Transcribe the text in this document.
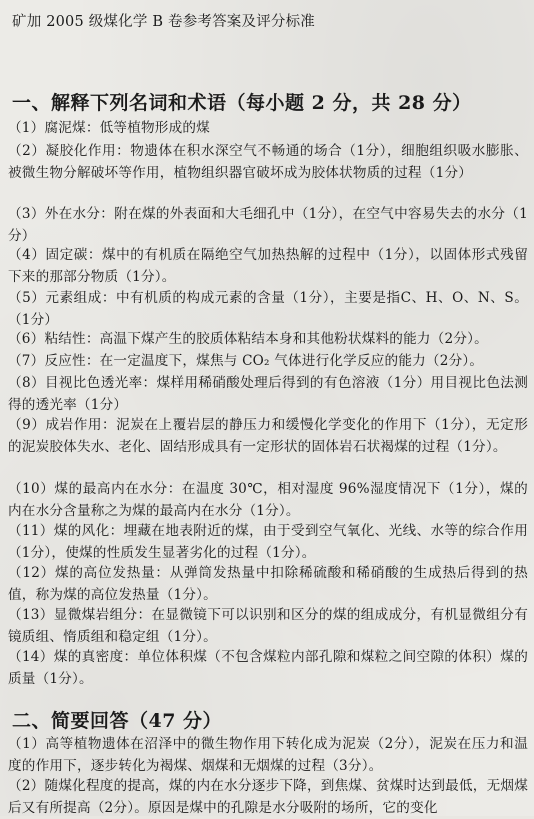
矿加 2005 级煤化学 B 卷参考答案及评分标准
一、解释下列名词和术语（每小题 2 分，共 28 分）
（1）腐泥煤：低等植物形成的煤
（2）凝胶化作用：物遗体在积水深空气不畅通的场合（1分），细胞组织吸水膨胀、被微生物分解破坏等作用，植物组织器官破坏成为胶体状物质的过程（1分）
（3）外在水分：附在煤的外表面和大毛细孔中（1分），在空气中容易失去的水分（1分）
（4）固定碳：煤中的有机质在隔绝空气加热热解的过程中（1分），以固体形式残留下来的那部分物质（1分）。
（5）元素组成：中有机质的构成元素的含量（1分），主要是指C、H、O、N、S。（1分）
（6）粘结性：高温下煤产生的胶质体粘结本身和其他粉状煤料的能力（2分）。
（7）反应性：在一定温度下，煤焦与 CO₂ 气体进行化学反应的能力（2分）。
（8）目视比色透光率：煤样用稀硝酸处理后得到的有色溶液（1分）用目视比色法测得的透光率（1分）
（9）成岩作用：泥炭在上覆岩层的静压力和缓慢化学变化的作用下（1分），无定形的泥炭胶体失水、老化、固结形成具有一定形状的固体岩石状褐煤的过程（1分）。
（10）煤的最高内在水分：在温度 30℃，相对湿度 96%湿度情况下（1分），煤的内在水分含量称之为煤的最高内在水分（1分）。
（11）煤的风化：埋藏在地表附近的煤，由于受到空气氧化、光线、水等的综合作用（1分），使煤的性质发生显著劣化的过程（1分）。
（12）煤的高位发热量：从弹筒发热量中扣除稀硫酸和稀硝酸的生成热后得到的热值，称为煤的高位发热量（1分）。
（13）显微煤岩组分：在显微镜下可以识别和区分的煤的组成成分，有机显微组分有镜质组、惰质组和稳定组（1分）。
（14）煤的真密度：单位体积煤（不包含煤粒内部孔隙和煤粒之间空隙的体积）煤的质量（1分）。
二、简要回答（47 分）
（1）高等植物遗体在沼泽中的微生物作用下转化成为泥炭（2分），泥炭在压力和温度的作用下，逐步转化为褐煤、烟煤和无烟煤的过程（3分）。
（2）随煤化程度的提高，煤的内在水分逐步下降，到焦煤、贫煤时达到最低，无烟煤后又有所提高（2分）。原因是煤中的孔隙是水分吸附的场所，它的变化
